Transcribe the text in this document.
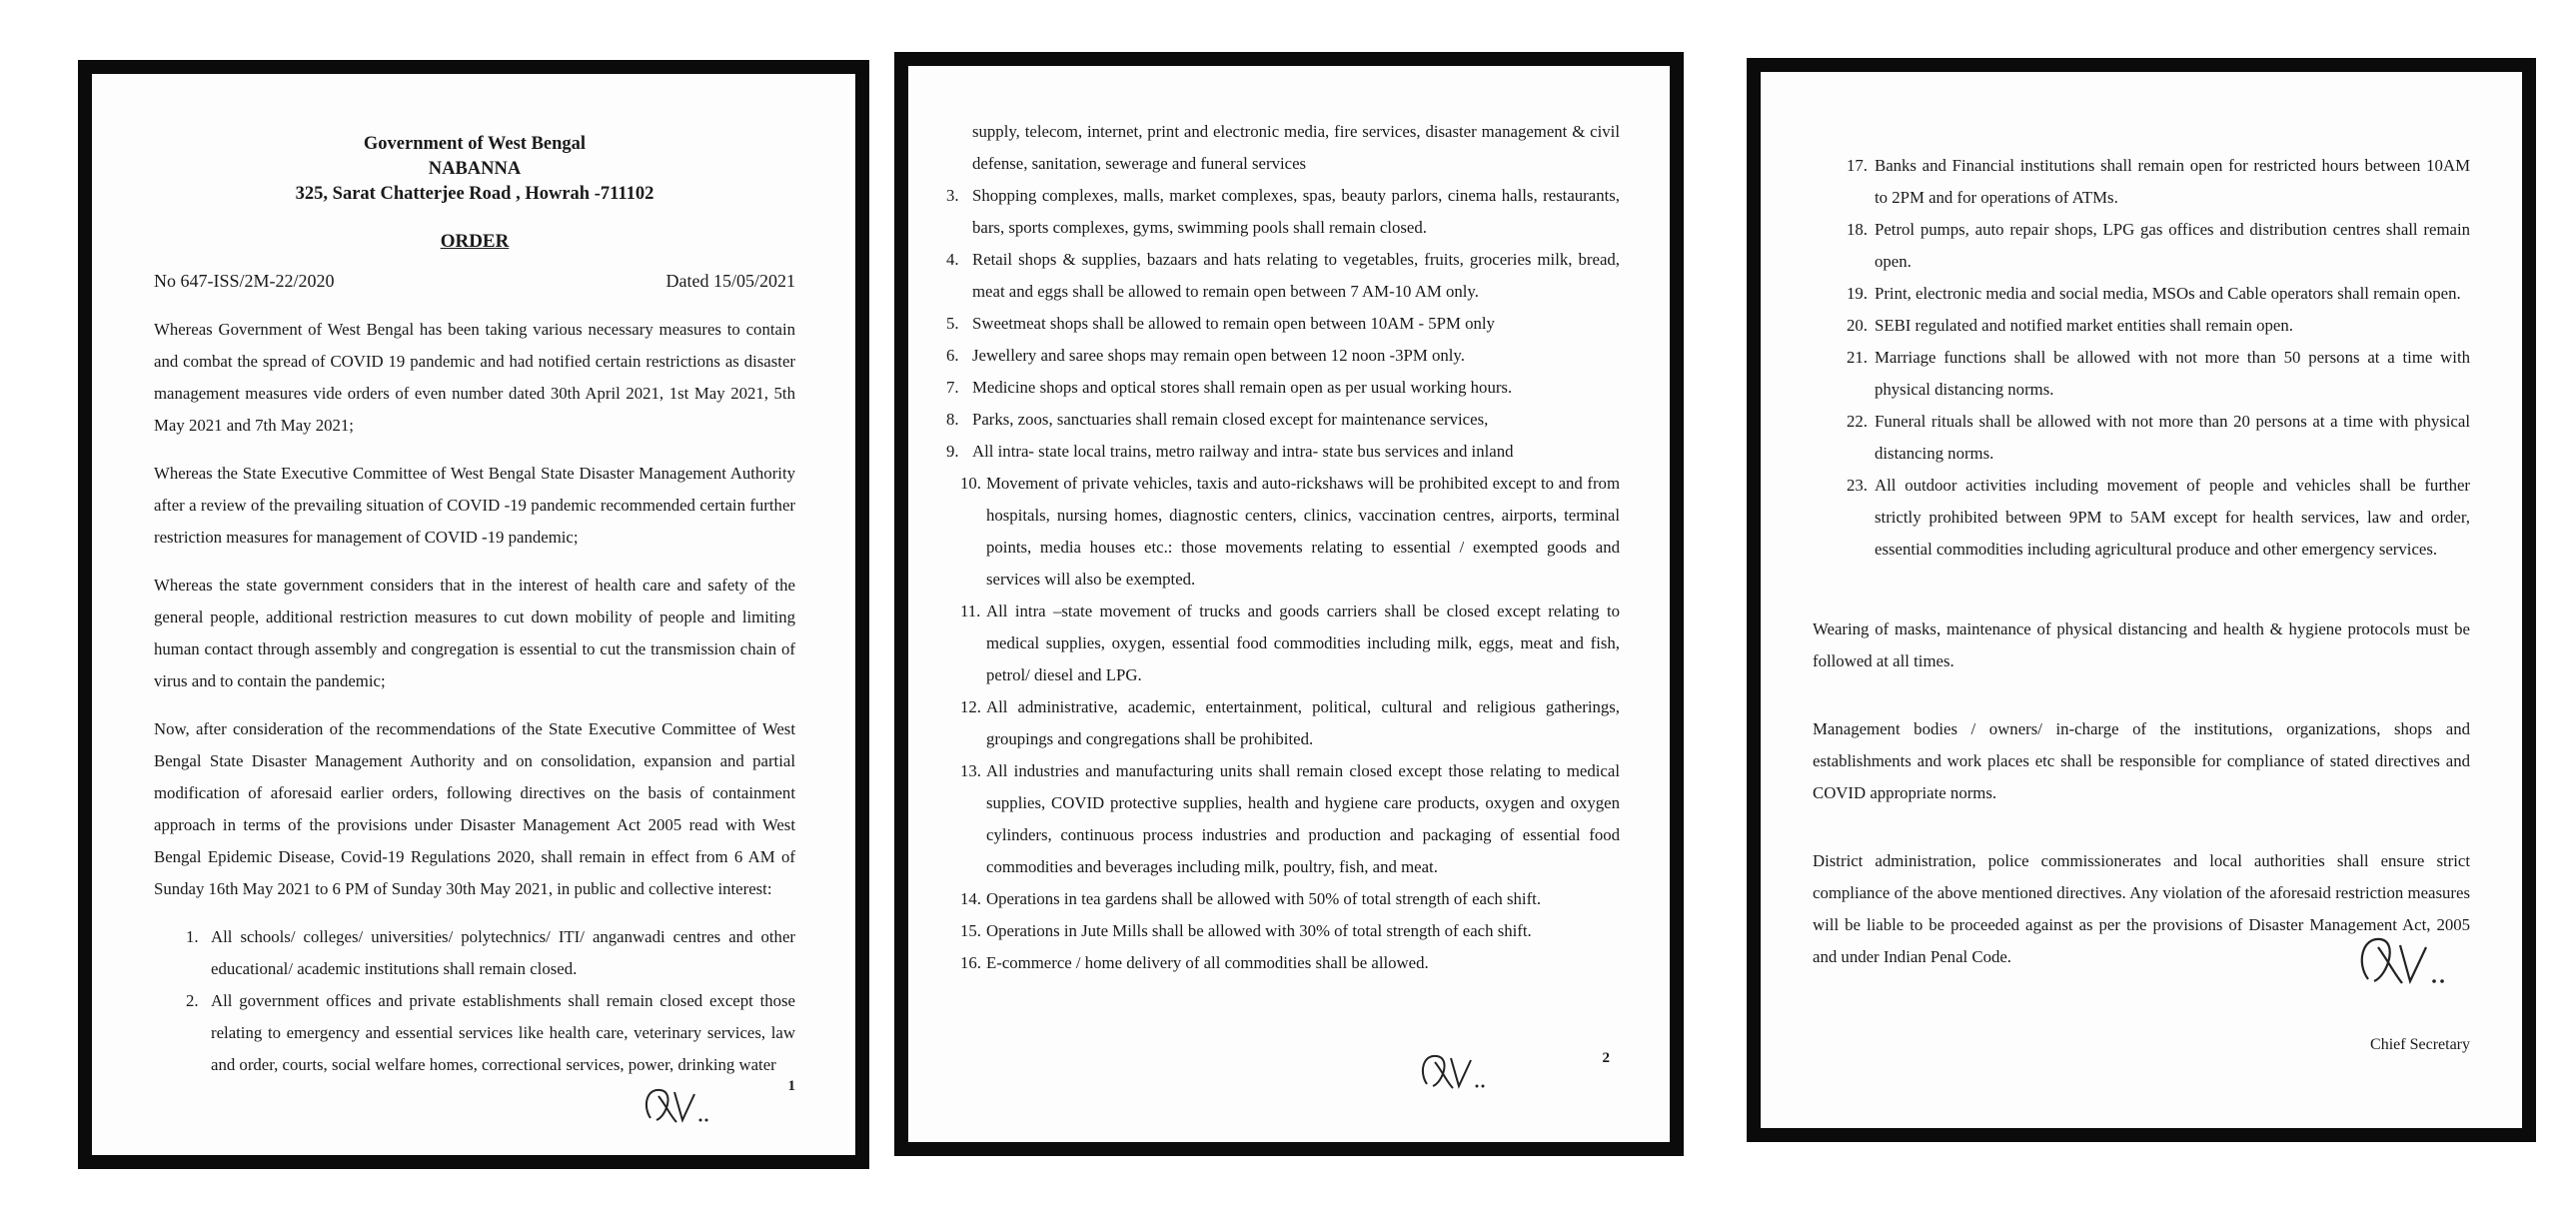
Government of West Bengal
NABANNA
325, Sarat Chatterjee Road , Howrah -711102
ORDER
No 647-ISS/2M-22/2020	Dated 15/05/2021

Whereas Government of West Bengal has been taking various necessary measures to contain and combat the spread of COVID 19 pandemic and had notified certain restrictions as disaster management measures vide orders of even number dated 30th April 2021, 1st May 2021, 5th May 2021 and 7th May 2021;

Whereas the State Executive Committee of West Bengal State Disaster Management Authority after a review of the prevailing situation of COVID -19 pandemic recommended certain further restriction measures for management of COVID -19 pandemic;

Whereas the state government considers that in the interest of health care and safety of the general people, additional restriction measures to cut down mobility of people and limiting human contact through assembly and congregation is essential to cut the transmission chain of virus and to contain the pandemic;

Now, after consideration of the recommendations of the State Executive Committee of West Bengal State Disaster Management Authority and on consolidation, expansion and partial modification of aforesaid earlier orders, following directives on the basis of containment approach in terms of the provisions under Disaster Management Act 2005 read with West Bengal Epidemic Disease, Covid-19 Regulations 2020, shall remain in effect from 6 AM of Sunday 16th May 2021 to 6 PM of Sunday 30th May 2021, in public and collective interest:

1. All schools/ colleges/ universities/ polytechnics/ ITI/ anganwadi centres and other educational/ academic institutions shall remain closed.
2. All government offices and private establishments shall remain closed except those relating to emergency and essential services like health care, veterinary services, law and order, courts, social welfare homes, correctional services, power, drinking water
1
supply, telecom, internet, print and electronic media, fire services, disaster management & civil defense, sanitation, sewerage and funeral services
3. Shopping complexes, malls, market complexes, spas, beauty parlors, cinema halls, restaurants, bars, sports complexes, gyms, swimming pools shall remain closed.
4. Retail shops & supplies, bazaars and hats relating to vegetables, fruits, groceries milk, bread, meat and eggs shall be allowed to remain open between 7 AM-10 AM only.
5. Sweetmeat shops shall be allowed to remain open between 10AM - 5PM only
6. Jewellery and saree shops may remain open between 12 noon -3PM only.
7. Medicine shops and optical stores shall remain open as per usual working hours.
8. Parks, zoos, sanctuaries shall remain closed except for maintenance services,
9. All intra- state local trains, metro railway and intra- state bus services and inland
10. Movement of private vehicles, taxis and auto-rickshaws will be prohibited except to and from hospitals, nursing homes, diagnostic centers, clinics, vaccination centres, airports, terminal points, media houses etc.: those movements relating to essential / exempted goods and services will also be exempted.
11. All intra –state movement of trucks and goods carriers shall be closed except relating to medical supplies, oxygen, essential food commodities including milk, eggs, meat and fish, petrol/ diesel and LPG.
12. All administrative, academic, entertainment, political, cultural and religious gatherings, groupings and congregations shall be prohibited.
13. All industries and manufacturing units shall remain closed except those relating to medical supplies, COVID protective supplies, health and hygiene care products, oxygen and oxygen cylinders, continuous process industries and production and packaging of essential food commodities and beverages including milk, poultry, fish, and meat.
14. Operations in tea gardens shall be allowed with 50% of total strength of each shift.
15. Operations in Jute Mills shall be allowed with 30% of total strength of each shift.
16. E-commerce / home delivery of all commodities shall be allowed.
2
17. Banks and Financial institutions shall remain open for restricted hours between 10AM to 2PM and for operations of ATMs.
18. Petrol pumps, auto repair shops, LPG gas offices and distribution centres shall remain open.
19. Print, electronic media and social media, MSOs and Cable operators shall remain open.
20. SEBI regulated and notified market entities shall remain open.
21. Marriage functions shall be allowed with not more than 50 persons at a time with physical distancing norms.
22. Funeral rituals shall be allowed with not more than 20 persons at a time with physical distancing norms.
23. All outdoor activities including movement of people and vehicles shall be further strictly prohibited between 9PM to 5AM except for health services, law and order, essential commodities including agricultural produce and other emergency services.

Wearing of masks, maintenance of physical distancing and health & hygiene protocols must be followed at all times.

Management bodies / owners/ in-charge of the institutions, organizations, shops and establishments and work places etc shall be responsible for compliance of stated directives and COVID appropriate norms.

District administration, police commissionerates and local authorities shall ensure strict compliance of the above mentioned directives. Any violation of the aforesaid restriction measures will be liable to be proceeded against as per the provisions of Disaster Management Act, 2005 and under Indian Penal Code.

Chief Secretary
